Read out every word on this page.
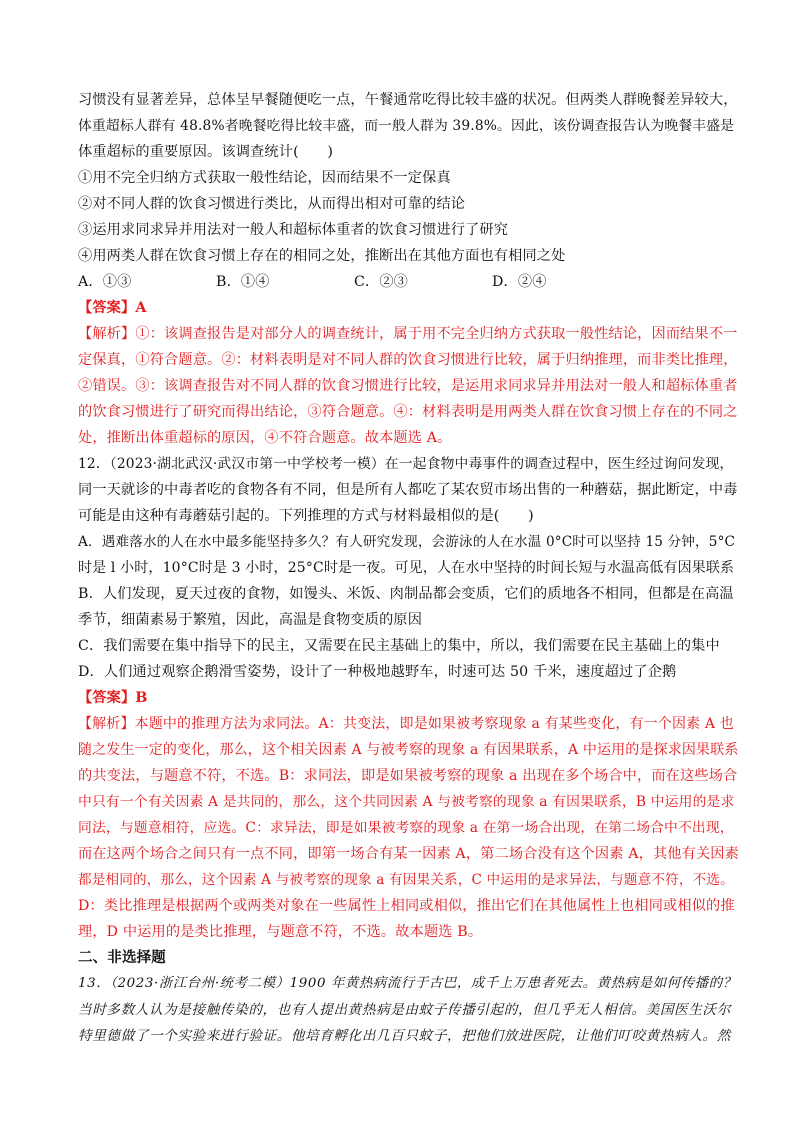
习惯没有显著差异，总体呈早餐随便吃一点，午餐通常吃得比较丰盛的状况。但两类人群晚餐差异较大，
体重超标人群有 48.8%者晚餐吃得比较丰盛，而一般人群为 39.8%。因此，该份调查报告认为晚餐丰盛是
体重超标的重要原因。该调查统计(　　)
①用不完全归纳方式获取一般性结论，因而结果不一定保真
②对不同人群的饮食习惯进行类比，从而得出相对可靠的结论
③运用求同求异并用法对一般人和超标体重者的饮食习惯进行了研究
④用两类人群在饮食习惯上存在的相同之处，推断出在其他方面也有相同之处
A．①③	B．①④	C．②③	D．②④
【答案】A
【解析】①：该调查报告是对部分人的调查统计，属于用不完全归纳方式获取一般性结论，因而结果不一
定保真，①符合题意。②：材料表明是对不同人群的饮食习惯进行比较，属于归纳推理，而非类比推理，
②错误。③：该调查报告对不同人群的饮食习惯进行比较，是运用求同求异并用法对一般人和超标体重者
的饮食习惯进行了研究而得出结论，③符合题意。④：材料表明是用两类人群在饮食习惯上存在的不同之
处，推断出体重超标的原因，④不符合题意。故本题选 A。
12．（2023·湖北武汉·武汉市第一中学校考一模）在一起食物中毒事件的调查过程中，医生经过询问发现，
同一天就诊的中毒者吃的食物各有不同，但是所有人都吃了某农贸市场出售的一种蘑菇，据此断定，中毒
可能是由这种有毒蘑菇引起的。下列推理的方式与材料最相似的是(　　)
A．遇难落水的人在水中最多能坚持多久？有人研究发现，会游泳的人在水温 0°C时可以坚持 15 分钟，5°C
时是 l 小时，10°C时是 3 小时，25°C时是一夜。可见，人在水中坚持的时间长短与水温高低有因果联系
B．人们发现，夏天过夜的食物，如馒头、米饭、肉制品都会变质，它们的质地各不相同，但都是在高温
季节，细菌素易于繁殖，因此，高温是食物变质的原因
C．我们需要在集中指导下的民主，又需要在民主基础上的集中，所以，我们需要在民主基础上的集中
D．人们通过观察企鹅滑雪姿势，设计了一种极地越野车，时速可达 50 千米，速度超过了企鹅
【答案】B
【解析】本题中的推理方法为求同法。A：共变法，即是如果被考察现象 a 有某些变化，有一个因素 A 也
随之发生一定的变化，那么，这个相关因素 A 与被考察的现象 a 有因果联系，A 中运用的是探求因果联系
的共变法，与题意不符，不选。B：求同法，即是如果被考察的现象 a 出现在多个场合中，而在这些场合
中只有一个有关因素 A 是共同的，那么，这个共同因素 A 与被考察的现象 a 有因果联系，B 中运用的是求
同法，与题意相符，应选。C：求异法，即是如果被考察的现象 a 在第一场合出现，在第二场合中不出现，
而在这两个场合之间只有一点不同，即第一场合有某一因素 A，第二场合没有这个因素 A，其他有关因素
都是相同的，那么，这个因素 A 与被考察的现象 a 有因果关系，C 中运用的是求异法，与题意不符，不选。
D：类比推理是根据两个或两类对象在一些属性上相同或相似，推出它们在其他属性上也相同或相似的推
理，D 中运用的是类比推理，与题意不符，不选。故本题选 B。
二、非选择题
13．（2023·浙江台州·统考二模）1900 年黄热病流行于古巴，成千上万患者死去。黄热病是如何传播的？
当时多数人认为是接触传染的，也有人提出黄热病是由蚊子传播引起的，但几乎无人相信。美国医生沃尔
特里德做了一个实验来进行验证。他培育孵化出几百只蚊子，把他们放进医院，让他们叮咬黄热病人。然
